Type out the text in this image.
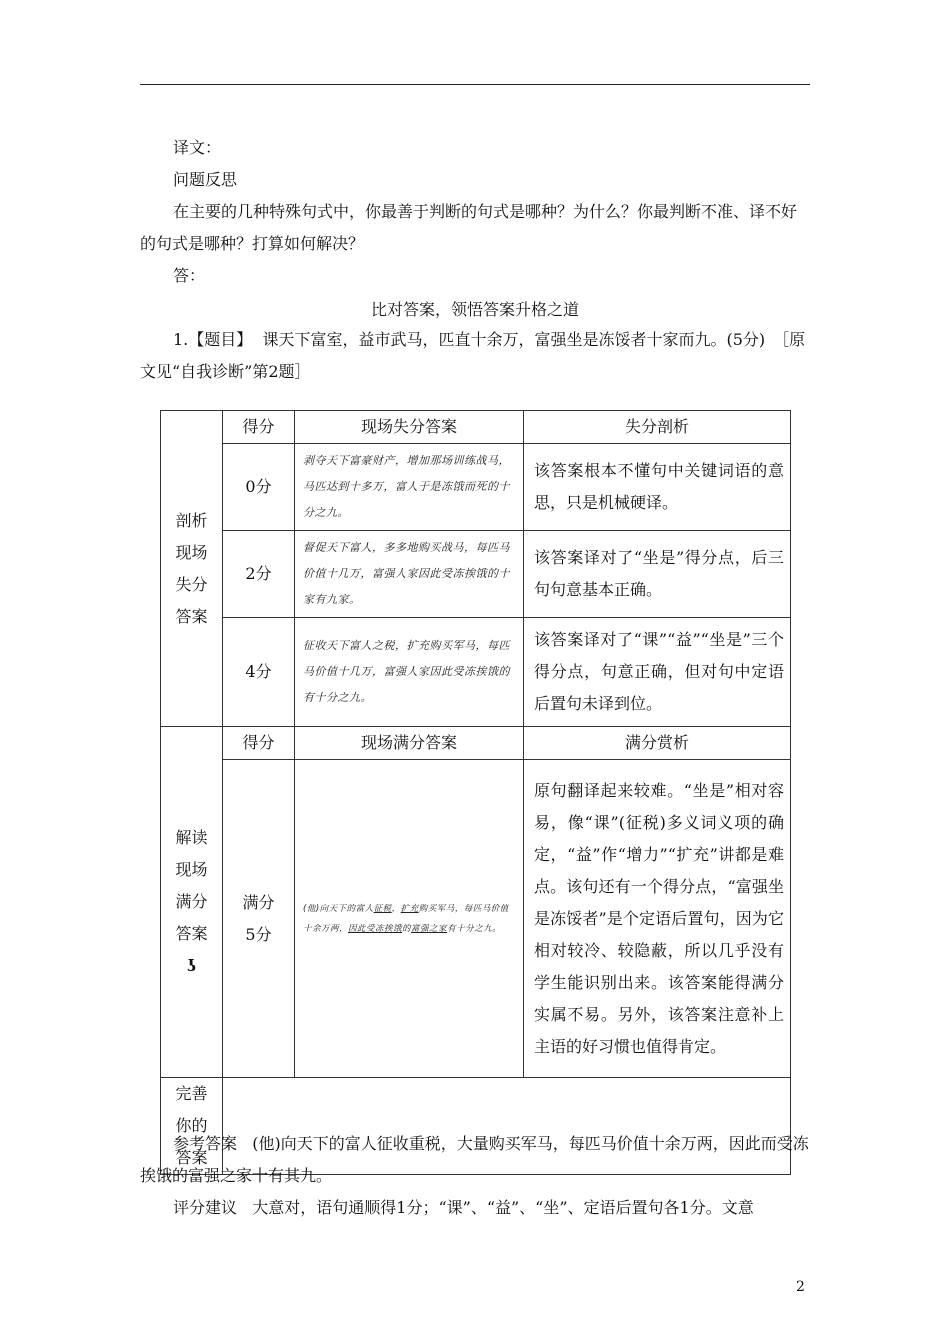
译文：
问题反思
在主要的几种特殊句式中，你最善于判断的句式是哪种？为什么？你最判断不准、译不好的句式是哪种？打算如何解决？
答：
比对答案，领悟答案升格之道
1.【题目】 课天下富室，益市武马，匹直十余万，富强坐是冻馁者十家而九。(5分)　［原文见“自我诊断”第2题］
剖析
现场
失分
答案	得分	现场失分答案	失分剖析
	0分	剥夺天下富豪财产，增加那场训练战马，马匹达到十多万，富人于是冻饿而死的十分之九。	该答案根本不懂句中关键词语的意思，只是机械硬译。
	2分	督促天下富人，多多地购买战马，每匹马价值十几万，富强人家因此受冻挨饿的十家有九家。	该答案译对了“坐是”得分点，后三句句意基本正确。
	4分	征收天下富人之税，扩充购买军马，每匹马价值十几万，富强人家因此受冻挨饿的有十分之九。	该答案译对了“课”“益”“坐是”三个得分点，句意正确，但对句中定语后置句未译到位。

解读
现场
满分
答案
ʖ	得分	现场满分答案	满分赏析

	满分
5分	(他)向天下的富人征税，扩充购买军马，每匹马价值十余万两，因此受冻挨饿的富强之家有十分之九。	原句翻译起来较难。“坐是”相对容易，像“课”(征税)多义词义项的确定，“益”作“增力”“扩充”讲都是难点。该句还有一个得分点，“富强坐是冻馁者”是个定语后置句，因为它相对较冷、较隐蔽，所以几乎没有学生能识别出来。该答案能得满分实属不易。另外，该答案注意补上主语的好习惯也值得肯定。

完善
你的
答案			

参考答案 (他)向天下的富人征收重税，大量购买军马，每匹马价值十余万两，因此而受冻挨饿的富强之家十有其九。
评分建议 大意对，语句通顺得1分；“课”、“益”、“坐”、定语后置句各1分。文意
2
